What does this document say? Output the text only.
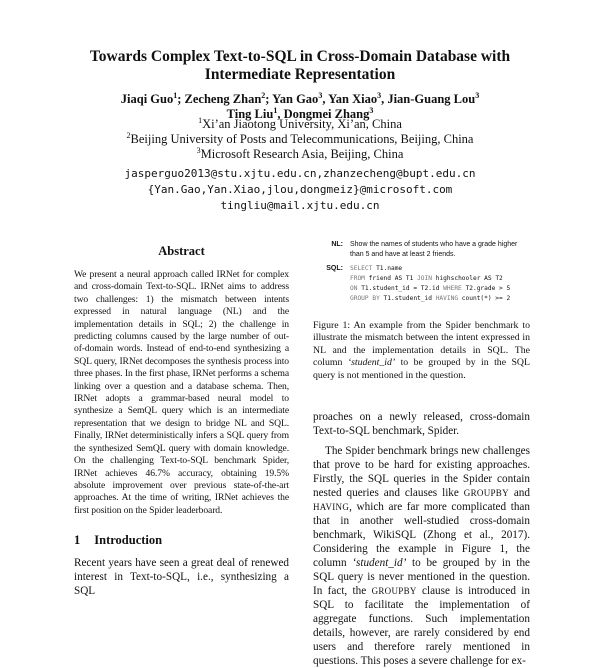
Towards Complex Text-to-SQL in Cross-Domain Database with
Intermediate Representation
Jiaqi Guo$^1$; Zecheng Zhan$^2$; Yan Gao$^3$, Yan Xiao$^3$, Jian-Guang Lou$^3$
Ting Liu$^1$, Dongmei Zhang$^3$
$^1$Xi’an Jiaotong University, Xi’an, China
$^2$Beijing University of Posts and Telecommunications, Beijing, China
$^3$Microsoft Research Asia, Beijing, China
jasperguo2013@stu.xjtu.edu.cn,zhanzecheng@bupt.edu.cn
{Yan.Gao,Yan.Xiao,jlou,dongmeiz}@microsoft.com
tingliu@mail.xjtu.edu.cn
Abstract

We present a neural approach called IRNet for complex and cross-domain Text-to-SQL. IRNet aims to address two challenges: 1) the mismatch between intents expressed in natural language (NL) and the implementation details in SQL; 2) the challenge in predicting columns caused by the large number of out-of-domain words. Instead of end-to-end synthesizing a SQL query, IRNet decomposes the synthesis process into three phases. In the first phase, IRNet performs a schema linking over a question and a database schema. Then, IRNet adopts a grammar-based neural model to synthesize a SemQL query which is an intermediate representation that we design to bridge NL and SQL. Finally, IRNet deterministically infers a SQL query from the synthesized SemQL query with domain knowledge. On the challenging Text-to-SQL benchmark Spider, IRNet achieves 46.7% accuracy, obtaining 19.5% absolute improvement over previous state-of-the-art approaches. At the time of writing, IRNet achieves the first position on the Spider leaderboard.

1 Introduction

Recent years have seen a great deal of renewed interest in Text-to-SQL, i.e., synthesizing a SQL

NL:	Show the names of students who have a grade higher than 5 and have at least 2 friends.
SQL:	SELECT T1.name
FROM friend AS T1 JOIN highschooler AS T2
ON T1.student_id = T2.id WHERE T2.grade > 5
GROUP BY T1.student_id HAVING count(*) >= 2

Figure 1: An example from the Spider benchmark to illustrate the mismatch between the intent expressed in NL and the implementation details in SQL. The column ‘student_id’ to be grouped by in the SQL query is not mentioned in the question.

proaches on a newly released, cross-domain Text-to-SQL benchmark, Spider.

The Spider benchmark brings new challenges that prove to be hard for existing approaches. Firstly, the SQL queries in the Spider contain nested queries and clauses like GROUPBY and HAVING, which are far more complicated than that in another well-studied cross-domain benchmark, WikiSQL (Zhong et al., 2017). Considering the example in Figure 1, the column ‘student_id’ to be grouped by in the SQL query is never mentioned in the question. In fact, the GROUPBY clause is introduced in SQL to facilitate the implementation of aggregate functions. Such implementation details, however, are rarely considered by end users and therefore rarely mentioned in questions. This poses a severe challenge for ex-
